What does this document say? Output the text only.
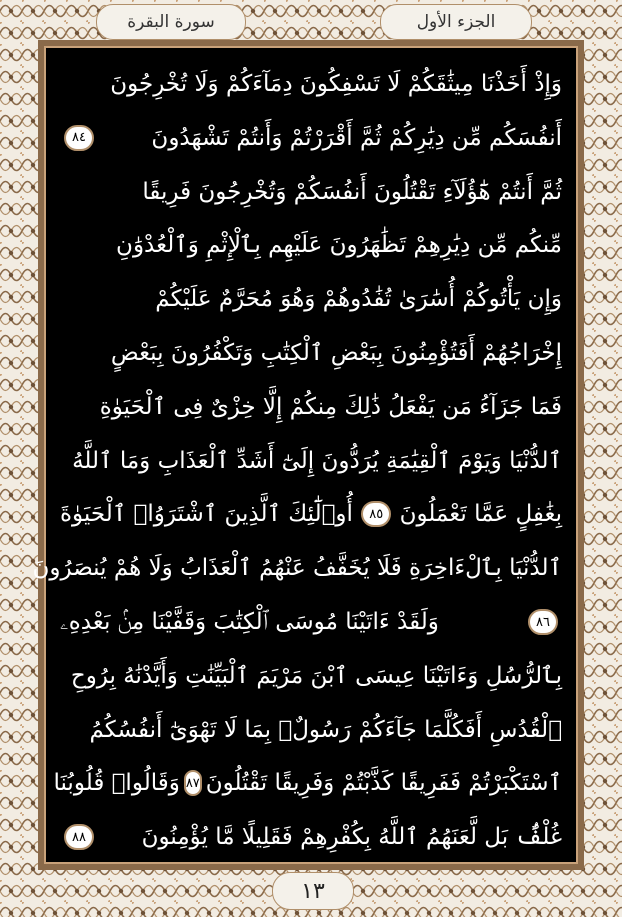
الجزء الأول
سورة البقرة
وَإِذْ أَخَذْنَا مِيثَٰقَكُمْ لَا تَسْفِكُونَ دِمَآءَكُمْ وَلَا تُخْرِجُونَ
أَنفُسَكُم مِّن دِيَٰرِكُمْ ثُمَّ أَقْرَرْتُمْ وَأَنتُمْ تَشْهَدُونَ
٨٤
ثُمَّ أَنتُمْ هَٰٓؤُلَآءِ تَقْتُلُونَ أَنفُسَكُمْ وَتُخْرِجُونَ فَرِيقًا
مِّنكُم مِّن دِيَٰرِهِمْ تَظَٰهَرُونَ عَلَيْهِم بِٱلْإِثْمِ وَٱلْعُدْوَٰنِ
وَإِن يَأْتُوكُمْ أُسَٰرَىٰ تُفَٰدُوهُمْ وَهُوَ مُحَرَّمٌ عَلَيْكُمْ
إِخْرَاجُهُمْ أَفَتُؤْمِنُونَ بِبَعْضِ ٱلْكِتَٰبِ وَتَكْفُرُونَ بِبَعْضٍ
فَمَا جَزَآءُ مَن يَفْعَلُ ذَٰلِكَ مِنكُمْ إِلَّا خِزْىٌ فِى ٱلْحَيَوٰةِ
ٱلدُّنْيَا وَيَوْمَ ٱلْقِيَٰمَةِ يُرَدُّونَ إِلَىٰٓ أَشَدِّ ٱلْعَذَابِ وَمَا ٱللَّهُ
بِغَٰفِلٍ عَمَّا تَعْمَلُونَ
٨٥
أُو۟لَٰٓئِكَ ٱلَّذِينَ ٱشْتَرَوُا۟ ٱلْحَيَوٰةَ
ٱلدُّنْيَا بِٱلْءَاخِرَةِ فَلَا يُخَفَّفُ عَنْهُمُ ٱلْعَذَابُ وَلَا هُمْ يُنصَرُونَ
٨٦
وَلَقَدْ ءَاتَيْنَا مُوسَى ٱلْكِتَٰبَ وَقَفَّيْنَا مِنۢ بَعْدِهِۦ
بِٱلرُّسُلِ وَءَاتَيْنَا عِيسَى ٱبْنَ مَرْيَمَ ٱلْبَيِّنَٰتِ وَأَيَّدْنَٰهُ بِرُوحِ
ٱلْقُدُسِ أَفَكُلَّمَا جَآءَكُمْ رَسُولٌۢ بِمَا لَا تَهْوَىٰٓ أَنفُسُكُمُ
ٱسْتَكْبَرْتُمْ فَفَرِيقًا كَذَّبْتُمْ وَفَرِيقًا تَقْتُلُونَ
٨٧
وَقَالُوا۟ قُلُوبُنَا
غُلْفٌۢ بَل لَّعَنَهُمُ ٱللَّهُ بِكُفْرِهِمْ فَقَلِيلًا مَّا يُؤْمِنُونَ
٨٨
١٣
